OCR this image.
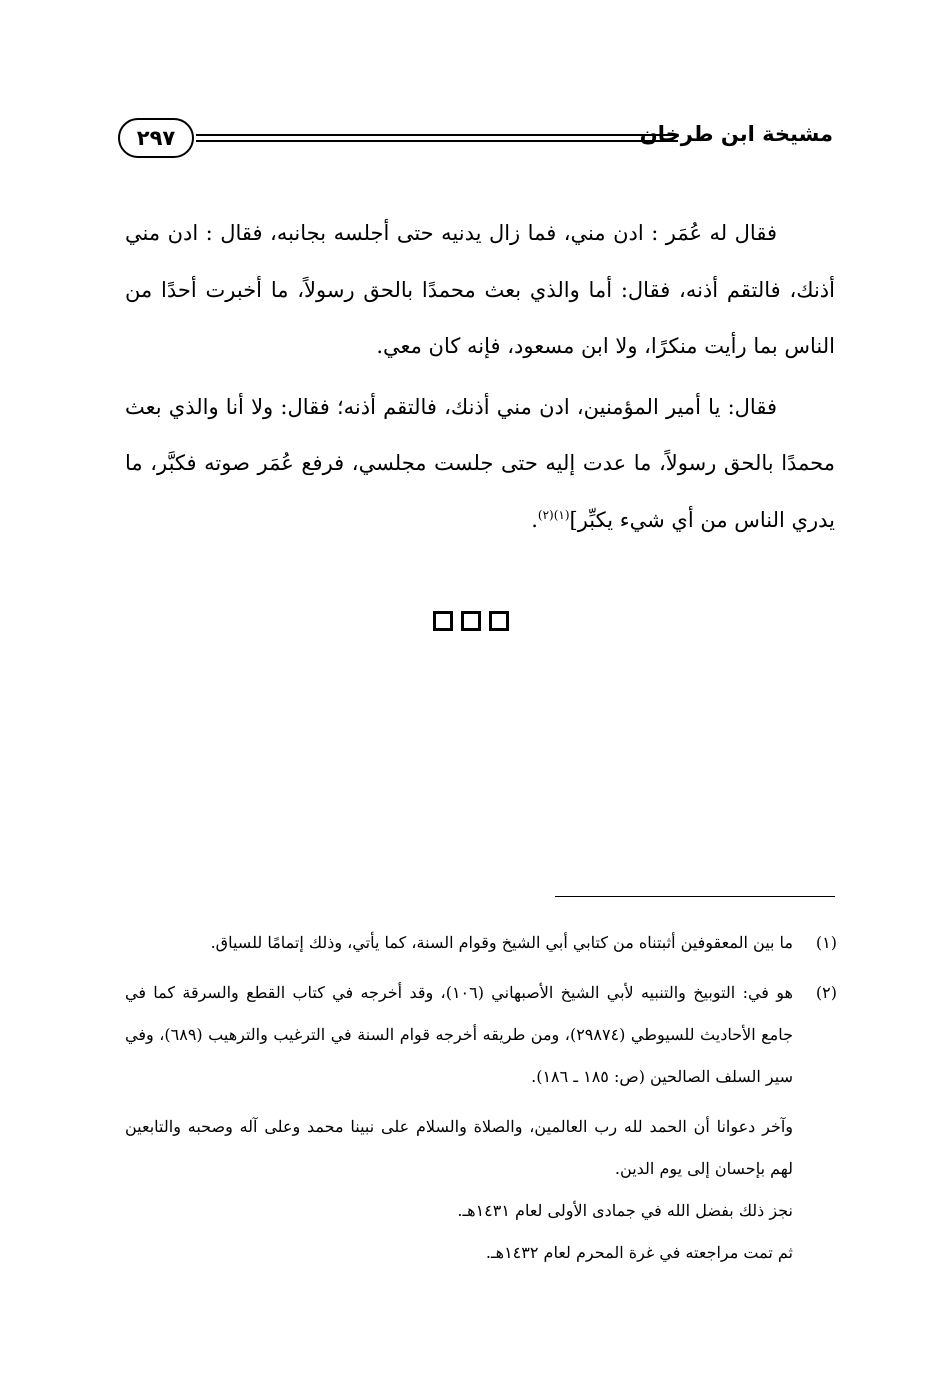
مشيخة ابن طرخان
٢٩٧

فقال له عُمَر : ادن مني، فما زال يدنيه حتى أجلسه بجانبه، فقال : ادن مني أذنك، فالتقم أذنه، فقال: أما والذي بعث محمدًا بالحق رسولاً، ما أخبرت أحدًا من الناس بما رأيت منكرًا، ولا ابن مسعود، فإنه كان معي.

فقال: يا أمير المؤمنين، ادن مني أذنك، فالتقم أذنه؛ فقال: ولا أنا والذي بعث محمدًا بالحق رسولاً، ما عدت إليه حتى جلست مجلسي، فرفع عُمَر صوته فكبَّر، ما يدري الناس من أي شيء يكبِّر]$^{(١)(٢)}$.

(١)
ما بين المعقوفين أثبتناه من كتابي أبي الشيخ وقوام السنة، كما يأتي، وذلك إتمامًا للسياق.
(٢)
هو في: التوبيخ والتنبيه لأبي الشيخ الأصبهاني (١٠٦)، وقد أخرجه في كتاب القطع والسرقة كما في جامع الأحاديث للسيوطي (٢٩٨٧٤)، ومن طريقه أخرجه قوام السنة في الترغيب والترهيب (٦٨٩)، وفي سير السلف الصالحين (ص: ١٨٥ ـ ١٨٦).

وآخر دعوانا أن الحمد لله رب العالمين، والصلاة والسلام على نبينا محمد وعلى آله وصحبه والتابعين لهم بإحسان إلى يوم الدين.

نجز ذلك بفضل الله في جمادى الأولى لعام ١٤٣١هـ.

ثم تمت مراجعته في غرة المحرم لعام ١٤٣٢هـ.
